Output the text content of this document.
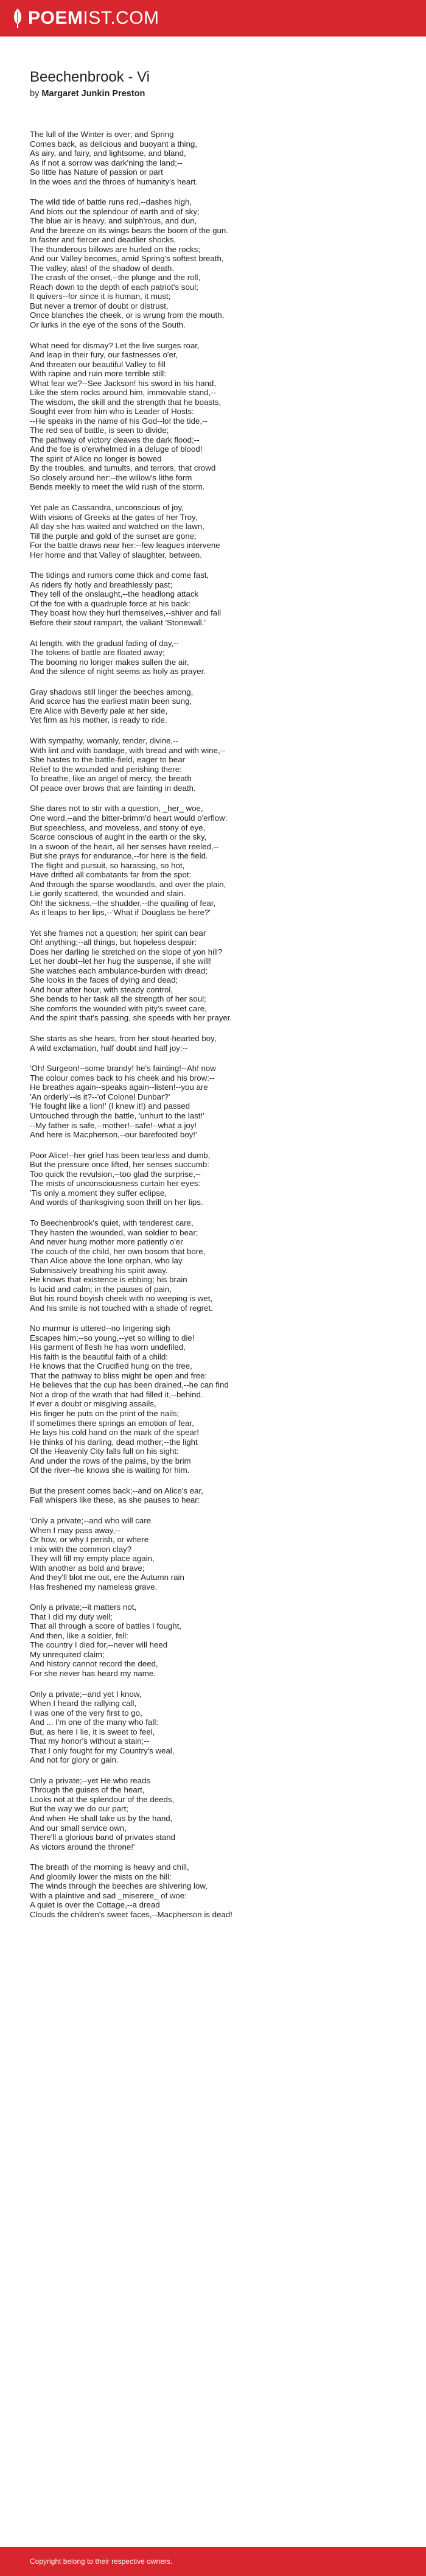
POEMIST.COM
Beechenbrook - Vi
by Margaret Junkin Preston
The lull of the Winter is over; and Spring
Comes back, as delicious and buoyant a thing,
As airy, and fairy, and lightsome, and bland,
As if not a sorrow was dark'ning the land;--
So little has Nature of passion or part
In the woes and the throes of humanity's heart.
The wild tide of battle runs red,--dashes high,
And blots out the splendour of earth and of sky;
The blue air is heavy, and sulph'rous, and dun,
And the breeze on its wings bears the boom of the gun.
In faster and fiercer and deadlier shocks,
The thunderous billows are hurled on the rocks;
And our Valley becomes, amid Spring's softest breath,
The valley, alas! of the shadow of death.
The crash of the onset,--the plunge and the roll,
Reach down to the depth of each patriot's soul;
It quivers--for since it is human, it must;
But never a tremor of doubt or distrust,
Once blanches the cheek, or is wrung from the mouth,
Or lurks in the eye of the sons of the South.
What need for dismay? Let the live surges roar,
And leap in their fury, our fastnesses o'er,
And threaten our beautiful Valley to fill
With rapine and ruin more terrible still:
What fear we?--See Jackson! his sword in his hand,
Like the stern rocks around him, immovable stand,--
The wisdom, the skill and the strength that he boasts,
Sought ever from him who is Leader of Hosts:
--He speaks in the name of his God--lo! the tide,--
The red sea of battle, is seen to divide;
The pathway of victory cleaves the dark flood;--
And the foe is o'erwhelmed in a deluge of blood!
The spirit of Alice no longer is bowed
By the troubles, and tumults, and terrors, that crowd
So closely around her:--the willow's lithe form
Bends meekly to meet the wild rush of the storm.
Yet pale as Cassandra, unconscious of joy,
With visions of Greeks at the gates of her Troy,
All day she has waited and watched on the lawn,
Till the purple and gold of the sunset are gone;
For the battle draws near her:--few leagues intervene
Her home and that Valley of slaughter, between.
The tidings and rumors come thick and come fast,
As riders fly hotly and breathlessly past;
They tell of the onslaught,--the headlong attack
Of the foe with a quadruple force at his back:
They boast how they hurl themselves,--shiver and fall
Before their stout rampart, the valiant 'Stonewall.'
At length, with the gradual fading of day,--
The tokens of battle are floated away;
The booming no longer makes sullen the air,
And the silence of night seems as holy as prayer.
Gray shadows still linger the beeches among,
And scarce has the earliest matin been sung,
Ere Alice with Beverly pale at her side,
Yet firm as his mother, is ready to ride.
With sympathy, womanly, tender, divine,--
With lint and with bandage, with bread and with wine,--
She hastes to the battle-field, eager to bear
Relief to the wounded and perishing there:
To breathe, like an angel of mercy, the breath
Of peace over brows that are fainting in death.
She dares not to stir with a question, _her_ woe,
One word,--and the bitter-brimm'd heart would o'erflow:
But speechless, and moveless, and stony of eye,
Scarce conscious of aught in the earth or the sky,
In a swoon of the heart, all her senses have reeled,--
But she prays for endurance,--for here is the field.
The flight and pursuit, so harassing, so hot,
Have drifted all combatants far from the spot:
And through the sparse woodlands, and over the plain,
Lie gorily scattered, the wounded and slain.
Oh! the sickness,--the shudder,--the quailing of fear,
As it leaps to her lips,--'What if Douglass be here?'
Yet she frames not a question; her spirit can bear
Oh! anything;--all things, but hopeless despair:
Does her darling lie stretched on the slope of yon hill?
Let her doubt--let her hug the suspense, if she will!
She watches each ambulance-burden with dread;
She looks in the faces of dying and dead;
And hour after hour, with steady control,
She bends to her task all the strength of her soul;
She comforts the wounded with pity's sweet care,
And the spirit that's passing, she speeds with her prayer.
She starts as she hears, from her stout-hearted boy,
A wild exclamation, half doubt and half joy:--
'Oh! Surgeon!--some brandy! he's fainting!--Ah! now
The colour comes back to his cheek and his brow:--
He breathes again--speaks again--listen!--you are
'An orderly'--is it?--'of Colonel Dunbar?'
'He fought like a lion!' (I knew it!) and passed
Untouched through the battle, 'unhurt to the last!'
--My father is safe,--mother!--safe!--what a joy!
And here is Macpherson,--our barefooted boy!'
Poor Alice!--her grief has been tearless and dumb,
But the pressure once lifted, her senses succumb:
Too quick the revulsion,--too glad the surprise,--
The mists of unconsciousness curtain her eyes:
'Tis only a moment they suffer eclipse,
And words of thanksgiving soon thrill on her lips.
To Beechenbrook's quiet, with tenderest care,
They hasten the wounded, wan soldier to bear;
And never hung mother more patiently o'er
The couch of the child, her own bosom that bore,
Than Alice above the lone orphan, who lay
Submissively breathing his spirit away.
He knows that existence is ebbing; his brain
Is lucid and calm; in the pauses of pain,
But his round boyish cheek with no weeping is wet,
And his smile is not touched with a shade of regret.
No murmur is uttered--no lingering sigh
Escapes him;--so young,--yet so willing to die!
His garment of flesh he has worn undefiled,
His faith is the beautiful faith of a child:
He knows that the Crucified hung on the tree,
That the pathway to bliss might be open and free:
He believes that the cup has been drained,--he can find
Not a drop of the wrath that had filled it,--behind.
If ever a doubt or misgiving assails,
His finger he puts on the print of the nails;
If sometimes there springs an emotion of fear,
He lays his cold hand on the mark of the spear!
He thinks of his darling, dead mother;--the light
Of the Heavenly City falls full on his sight:
And under the rows of the palms, by the brim
Of the river--he knows she is waiting for him.
But the present comes back;--and on Alice's ear,
Fall whispers like these, as she pauses to hear:
'Only a private;--and who will care
When I may pass away,--
Or how, or why I perish, or where
I mix with the common clay?
They will fill my empty place again,
With another as bold and brave;
And they'll blot me out, ere the Autumn rain
Has freshened my nameless grave.
Only a private;--it matters not,
That I did my duty well;
That all through a score of battles I fought,
And then, like a soldier, fell:
The country I died for,--never will heed
My unrequited claim;
And history cannot record the deed,
For she never has heard my name.
Only a private;--and yet I know,
When I heard the rallying call,
I was one of the very first to go,
And ... I'm one of the many who fall:
But, as here I lie, it is sweet to feel,
That my honor's without a stain;--
That I only fought for my Country's weal,
And not for glory or gain.
Only a private;--yet He who reads
Through the guises of the heart,
Looks not at the splendour of the deeds,
But the way we do our part;
And when He shall take us by the hand,
And our small service own,
There'll a glorious band of privates stand
As victors around the throne!'
The breath of the morning is heavy and chill,
And gloomily lower the mists on the hill:
The winds through the beeches are shivering low,
With a plaintive and sad _miserere_ of woe:
A quiet is over the Cottage,--a dread
Clouds the children's sweet faces,--Macpherson is dead!
Copyright belong to their respective owners.
